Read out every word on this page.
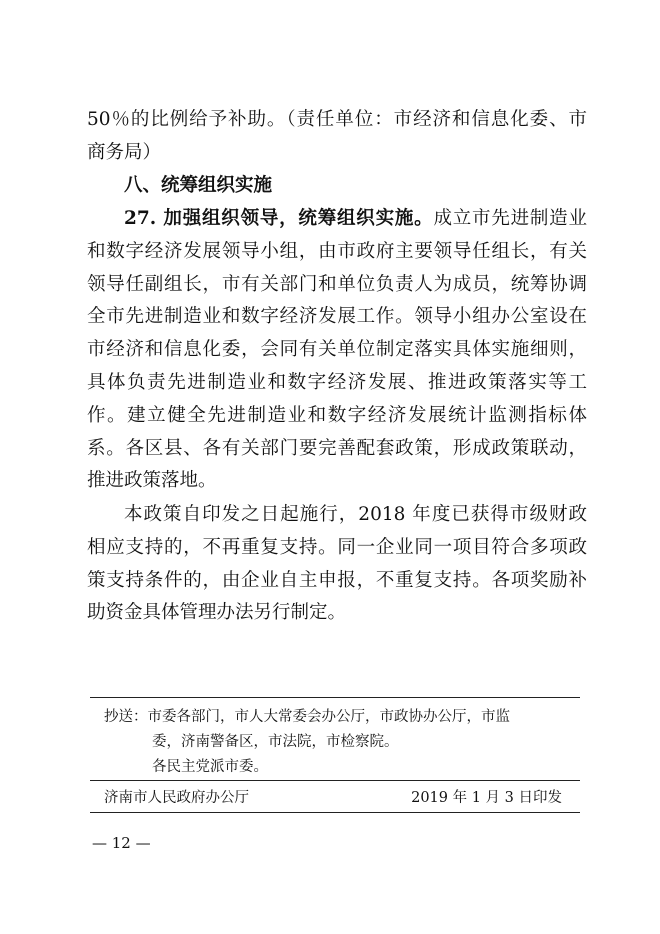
50％的比例给予补助。（责任单位：市经济和信息化委、市
商务局）
八、统筹组织实施
27. 加强组织领导，统筹组织实施。成立市先进制造业
和数字经济发展领导小组，由市政府主要领导任组长，有关
领导任副组长，市有关部门和单位负责人为成员，统筹协调
全市先进制造业和数字经济发展工作。领导小组办公室设在
市经济和信息化委，会同有关单位制定落实具体实施细则，
具体负责先进制造业和数字经济发展、推进政策落实等工
作。建立健全先进制造业和数字经济发展统计监测指标体
系。各区县、各有关部门要完善配套政策，形成政策联动，
推进政策落地。
本政策自印发之日起施行，2018 年度已获得市级财政
相应支持的，不再重复支持。同一企业同一项目符合多项政
策支持条件的，由企业自主申报，不重复支持。各项奖励补
助资金具体管理办法另行制定。
抄送：市委各部门，市人大常委会办公厅，市政协办公厅，市监
委，济南警备区，市法院，市检察院。
各民主党派市委。
济南市人民政府办公厅	2019 年 1 月 3 日印发
— 12 —
